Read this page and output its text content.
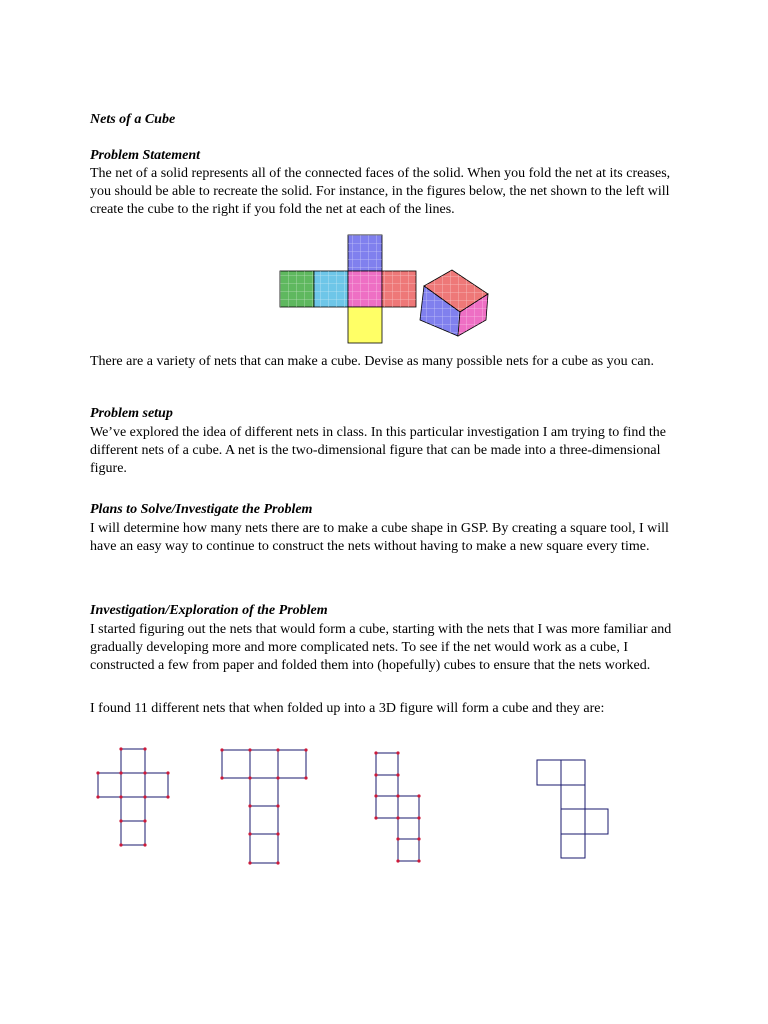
Nets of a Cube
Problem Statement
The net of a solid represents all of the connected faces of the solid. When you fold the net at its creases, you should be able to recreate the solid. For instance, in the figures below, the net shown to the left will create the cube to the right if you fold the net at each of the lines.
There are a variety of nets that can make a cube. Devise as many possible nets for a cube as you can.
Problem setup
We’ve explored the idea of different nets in class. In this particular investigation I am trying to find the different nets of a cube. A net is the two-dimensional figure that can be made into a three-dimensional figure.
Plans to Solve/Investigate the Problem
I will determine how many nets there are to make a cube shape in GSP. By creating a square tool, I will have an easy way to continue to construct the nets without having to make a new square every time.
Investigation/Exploration of the Problem
I started figuring out the nets that would form a cube, starting with the nets that I was more familiar and gradually developing more and more complicated nets. To see if the net would work as a cube, I constructed a few from paper and folded them into (hopefully) cubes to ensure that the nets worked.
I found 11 different nets that when folded up into a 3D figure will form a cube and they are:
